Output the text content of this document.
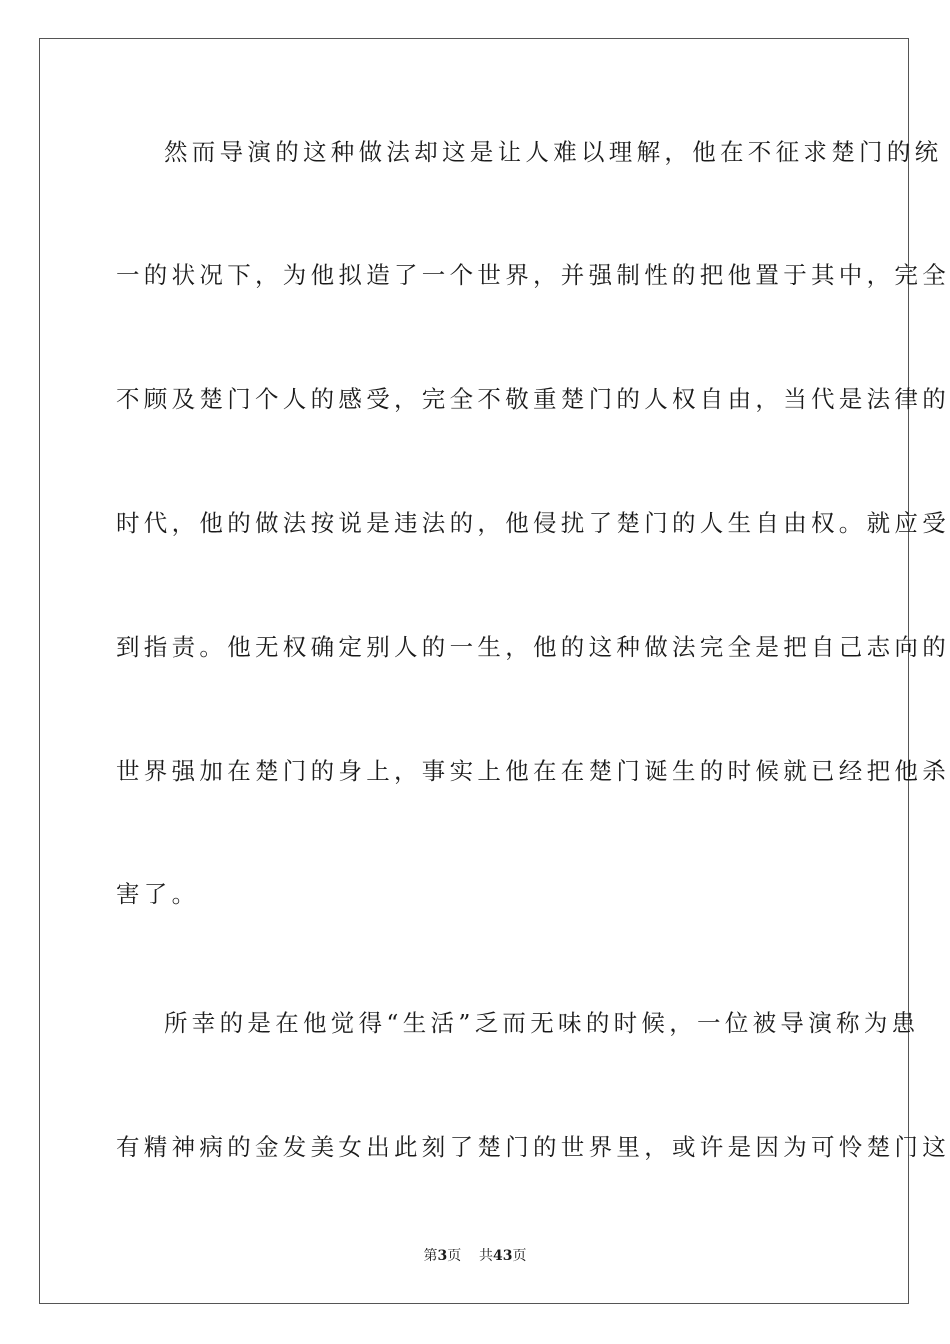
然而导演的这种做法却这是让人难以理解，他在不征求楚门的统
一的状况下，为他拟造了一个世界，并强制性的把他置于其中，完全
不顾及楚门个人的感受，完全不敬重楚门的人权自由，当代是法律的
时代，他的做法按说是违法的，他侵扰了楚门的人生自由权。就应受
到指责。他无权确定别人的一生，他的这种做法完全是把自己志向的
世界强加在楚门的身上，事实上他在在楚门诞生的时候就已经把他杀
害了。
所幸的是在他觉得“生活”乏而无味的时候，一位被导演称为患
有精神病的金发美女出此刻了楚门的世界里，或许是因为可怜楚门这
第3页 共43页
